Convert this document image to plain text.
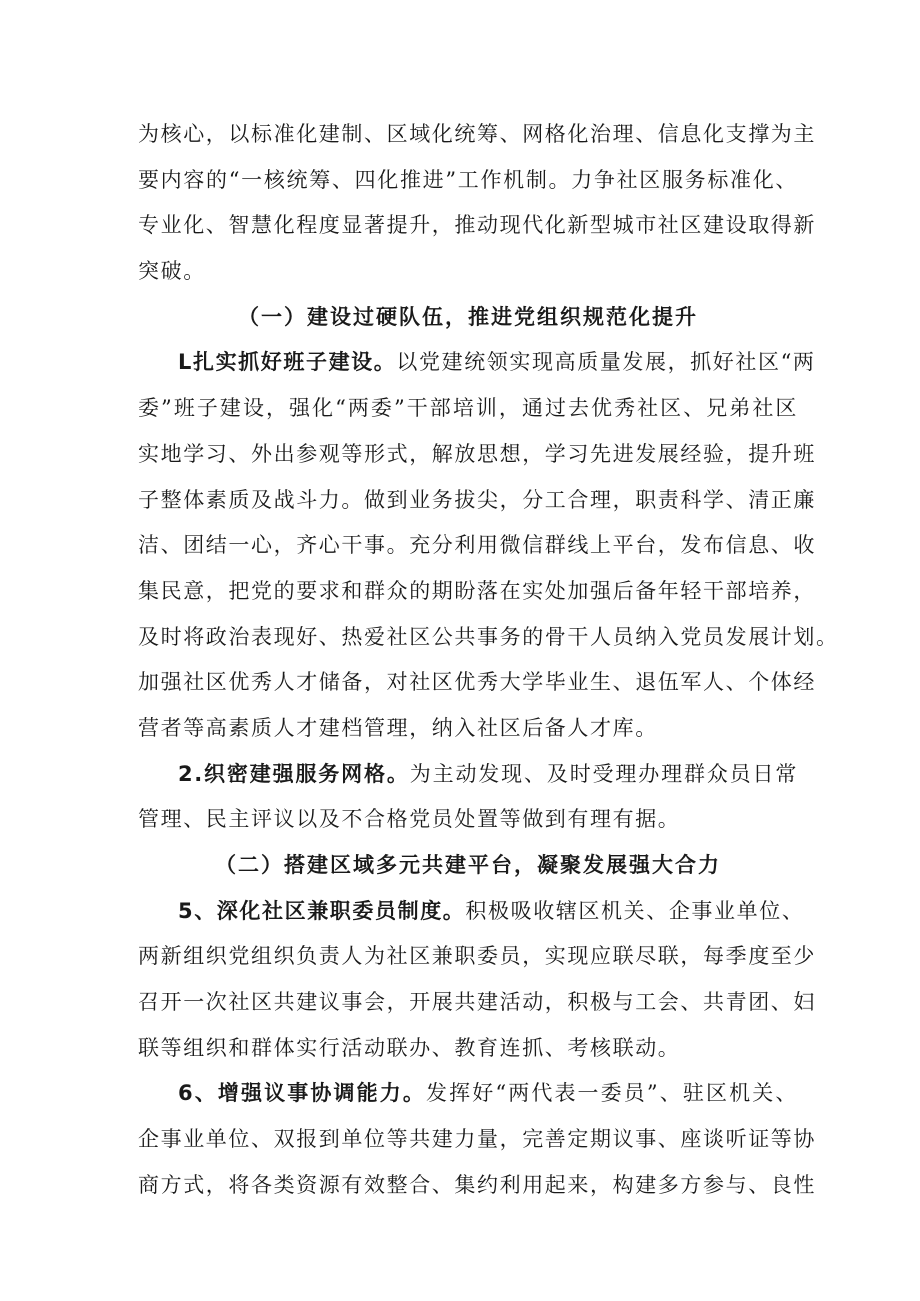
为核心，以标准化建制、区域化统筹、网格化治理、信息化支撑为主
要内容的“一核统筹、四化推进”工作机制。力争社区服务标准化、
专业化、智慧化程度显著提升，推动现代化新型城市社区建设取得新
突破。
（一）建设过硬队伍，推进党组织规范化提升
L扎实抓好班子建设。以党建统领实现高质量发展，抓好社区“两
委”班子建设，强化“两委”干部培训，通过去优秀社区、兄弟社区
实地学习、外出参观等形式，解放思想，学习先进发展经验，提升班
子整体素质及战斗力。做到业务拔尖，分工合理，职责科学、清正廉
洁、团结一心，齐心干事。充分利用微信群线上平台，发布信息、收
集民意，把党的要求和群众的期盼落在实处加强后备年轻干部培养，
及时将政治表现好、热爱社区公共事务的骨干人员纳入党员发展计划。
加强社区优秀人才储备，对社区优秀大学毕业生、退伍军人、个体经
营者等高素质人才建档管理，纳入社区后备人才库。
2.织密建强服务网格。为主动发现、及时受理办理群众员日常
管理、民主评议以及不合格党员处置等做到有理有据。
（二）搭建区域多元共建平台，凝聚发展强大合力
5、深化社区兼职委员制度。积极吸收辖区机关、企事业单位、
两新组织党组织负责人为社区兼职委员，实现应联尽联，每季度至少
召开一次社区共建议事会，开展共建活动，积极与工会、共青团、妇
联等组织和群体实行活动联办、教育连抓、考核联动。
6、增强议事协调能力。发挥好“两代表一委员”、驻区机关、
企事业单位、双报到单位等共建力量，完善定期议事、座谈听证等协
商方式，将各类资源有效整合、集约利用起来，构建多方参与、良性
